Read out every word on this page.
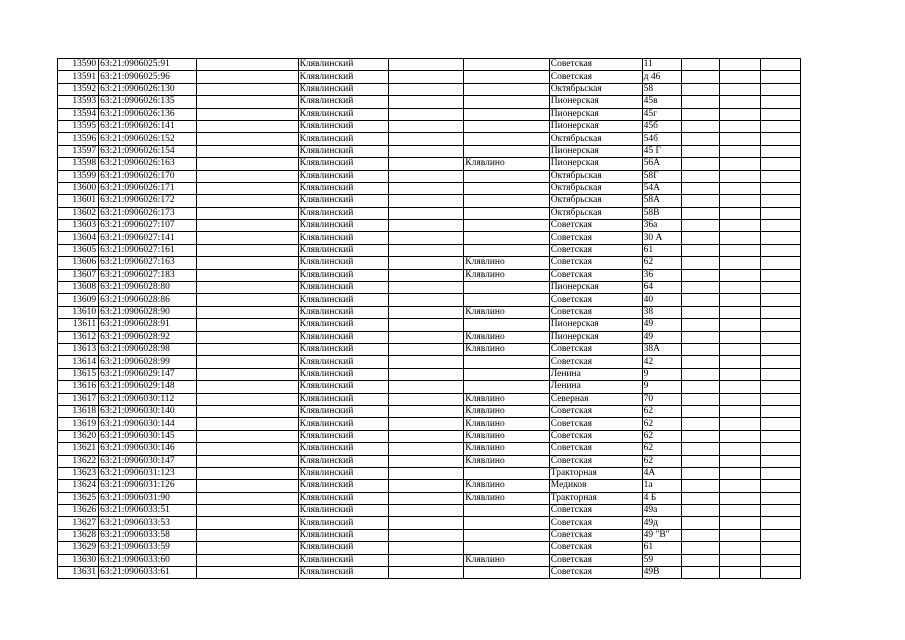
13590	63:21:0906025:91		Клявлинский			Советская	11			
13591	63:21:0906025:96		Клявлинский			Советская	д 46			
13592	63:21:0906026:130		Клявлинский			Октябрьская	58			
13593	63:21:0906026:135		Клявлинский			Пионерская	45в			
13594	63:21:0906026:136		Клявлинский			Пионерская	45г			
13595	63:21:0906026:141		Клявлинский			Пионерская	45б			
13596	63:21:0906026:152		Клявлинский			Октябрьская	54б			
13597	63:21:0906026:154		Клявлинский			Пионерская	45 Г			
13598	63:21:0906026:163		Клявлинский		Клявлино	Пионерская	56А			
13599	63:21:0906026:170		Клявлинский			Октябрьская	58Г			
13600	63:21:0906026:171		Клявлинский			Октябрьская	54А			
13601	63:21:0906026:172		Клявлинский			Октябрьская	58А			
13602	63:21:0906026:173		Клявлинский			Октябрьская	58В			
13603	63:21:0906027:107		Клявлинский			Советская	36а			
13604	63:21:0906027:141		Клявлинский			Советская	30 А			
13605	63:21:0906027:161		Клявлинский			Советская	61			
13606	63:21:0906027:163		Клявлинский		Клявлино	Советская	62			
13607	63:21:0906027:183		Клявлинский		Клявлино	Советская	36			
13608	63:21:0906028:80		Клявлинский			Пионерская	64			
13609	63:21:0906028:86		Клявлинский			Советская	40			
13610	63:21:0906028:90		Клявлинский		Клявлино	Советская	38			
13611	63:21:0906028:91		Клявлинский			Пионерская	49			
13612	63:21:0906028:92		Клявлинский		Клявлино	Пионерская	49			
13613	63:21:0906028:98		Клявлинский		Клявлино	Советская	38А			
13614	63:21:0906028:99		Клявлинский			Советская	42			
13615	63:21:0906029:147		Клявлинский			Ленина	9			
13616	63:21:0906029:148		Клявлинский			Ленина	9			
13617	63:21:0906030:112		Клявлинский		Клявлино	Северная	70			
13618	63:21:0906030:140		Клявлинский		Клявлино	Советская	62			
13619	63:21:0906030:144		Клявлинский		Клявлино	Советская	62			
13620	63:21:0906030:145		Клявлинский		Клявлино	Советская	62			
13621	63:21:0906030:146		Клявлинский		Клявлино	Советская	62			
13622	63:21:0906030:147		Клявлинский		Клявлино	Советская	62			
13623	63:21:0906031:123		Клявлинский			Тракторная	4А			
13624	63:21:0906031:126		Клявлинский		Клявлино	Медиков	1а			
13625	63:21:0906031:90		Клявлинский		Клявлино	Тракторная	4 Б			
13626	63:21:0906033:51		Клявлинский			Советская	49а			
13627	63:21:0906033:53		Клявлинский			Советская	49д			
13628	63:21:0906033:58		Клявлинский			Советская	49 "В"			
13629	63:21:0906033:59		Клявлинский			Советская	61			
13630	63:21:0906033:60		Клявлинский		Клявлино	Советская	59			
13631	63:21:0906033:61		Клявлинский			Советская	49В			
